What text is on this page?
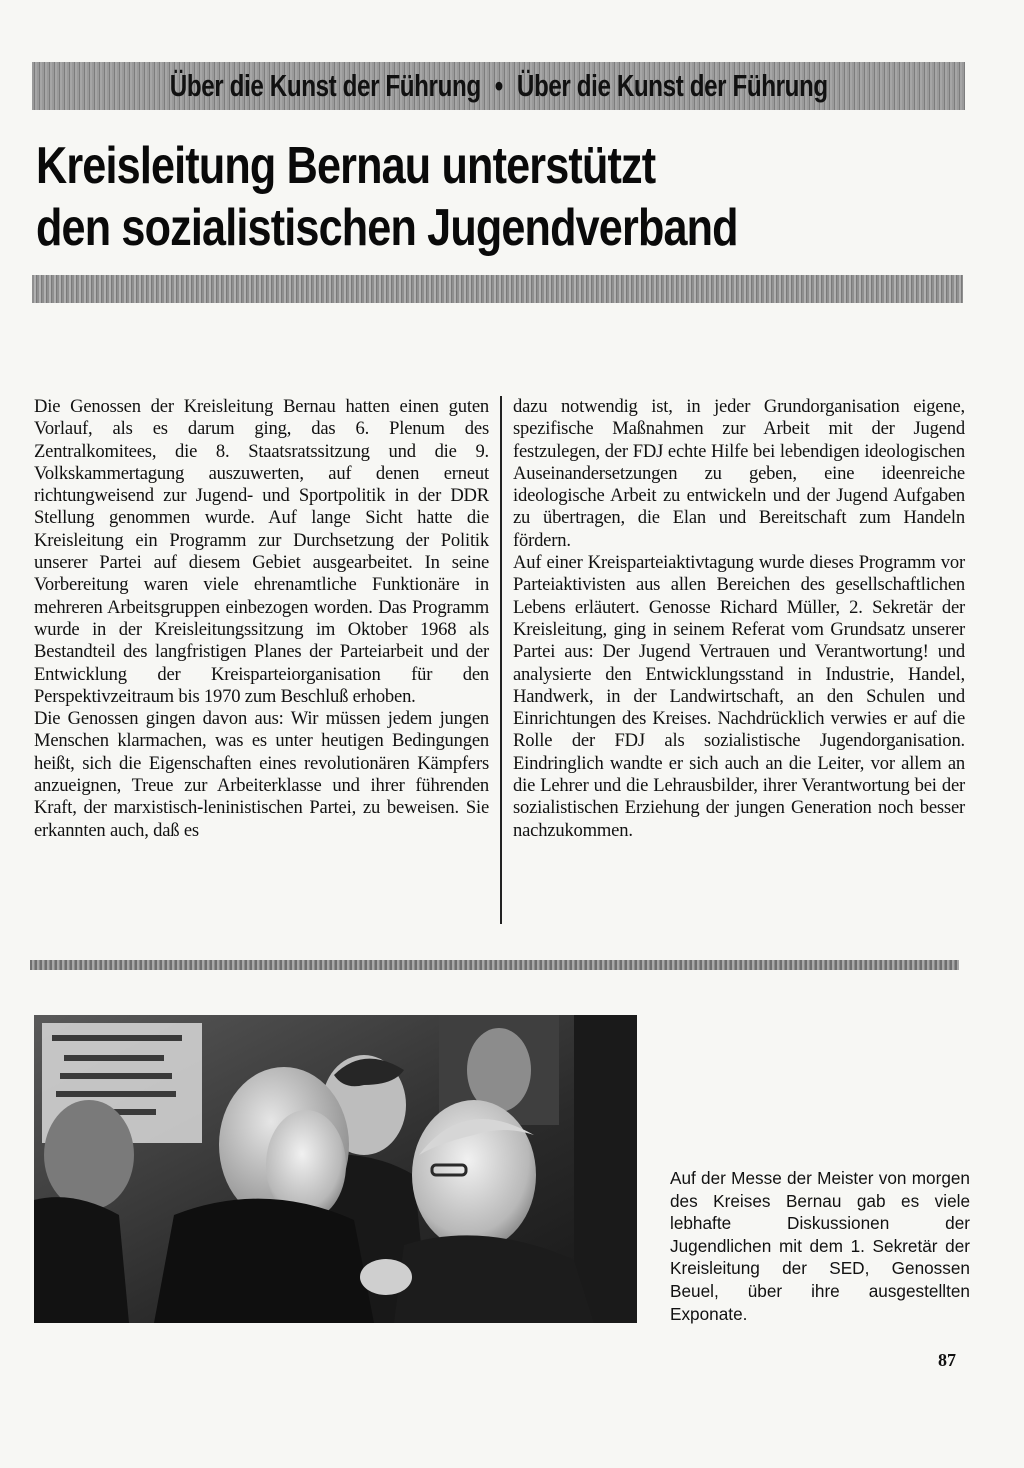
Über die Kunst der Führung • Über die Kunst der Führung
Kreisleitung Bernau unterstützt
den sozialistischen Jugendverband

Die Genossen der Kreisleitung Bernau hatten einen guten Vorlauf, als es darum ging, das 6. Plenum des Zentralkomitees, die 8. Staatsratssitzung und die 9. Volkskammertagung auszuwerten, auf denen erneut richtungweisend zur Jugend- und Sportpolitik in der DDR Stellung genommen wurde. Auf lange Sicht hatte die Kreisleitung ein Programm zur Durchsetzung der Politik unserer Partei auf diesem Gebiet ausgearbeitet. In seine Vorbereitung waren viele ehrenamtliche Funktionäre in mehreren Arbeitsgruppen einbezogen worden. Das Programm wurde in der Kreisleitungssitzung im Oktober 1968 als Bestandteil des langfristigen Planes der Parteiarbeit und der Entwicklung der Kreisparteiorganisation für den Perspektivzeitraum bis 1970 zum Beschluß erhoben.

Die Genossen gingen davon aus: Wir müssen jedem jungen Menschen klarmachen, was es unter heutigen Bedingungen heißt, sich die Eigenschaften eines revolutionären Kämpfers anzueignen, Treue zur Arbeiterklasse und ihrer führenden Kraft, der marxistisch-leninistischen Partei, zu beweisen. Sie erkannten auch, daß es

dazu notwendig ist, in jeder Grundorganisation eigene, spezifische Maßnahmen zur Arbeit mit der Jugend festzulegen, der FDJ echte Hilfe bei lebendigen ideologischen Auseinandersetzungen zu geben, eine ideenreiche ideologische Arbeit zu entwickeln und der Jugend Aufgaben zu übertragen, die Elan und Bereitschaft zum Handeln fördern.

Auf einer Kreisparteiaktivtagung wurde dieses Programm vor Parteiaktivisten aus allen Bereichen des gesellschaftlichen Lebens erläutert. Genosse Richard Müller, 2. Sekretär der Kreisleitung, ging in seinem Referat vom Grundsatz unserer Partei aus: Der Jugend Vertrauen und Verantwortung! und analysierte den Entwicklungsstand in Industrie, Handel, Handwerk, in der Landwirtschaft, an den Schulen und Einrichtungen des Kreises. Nachdrücklich verwies er auf die Rolle der FDJ als sozialistische Jugendorganisation. Eindringlich wandte er sich auch an die Leiter, vor allem an die Lehrer und die Lehrausbilder, ihrer Verantwortung bei der sozialistischen Erziehung der jungen Generation noch besser nachzukommen.

Auf der Messe der Meister von morgen des Kreises Bernau gab es viele lebhafte Diskussionen der Jugendlichen mit dem 1. Sekretär der Kreisleitung der SED, Genossen Beuel, über ihre ausgestellten Exponate.
87
